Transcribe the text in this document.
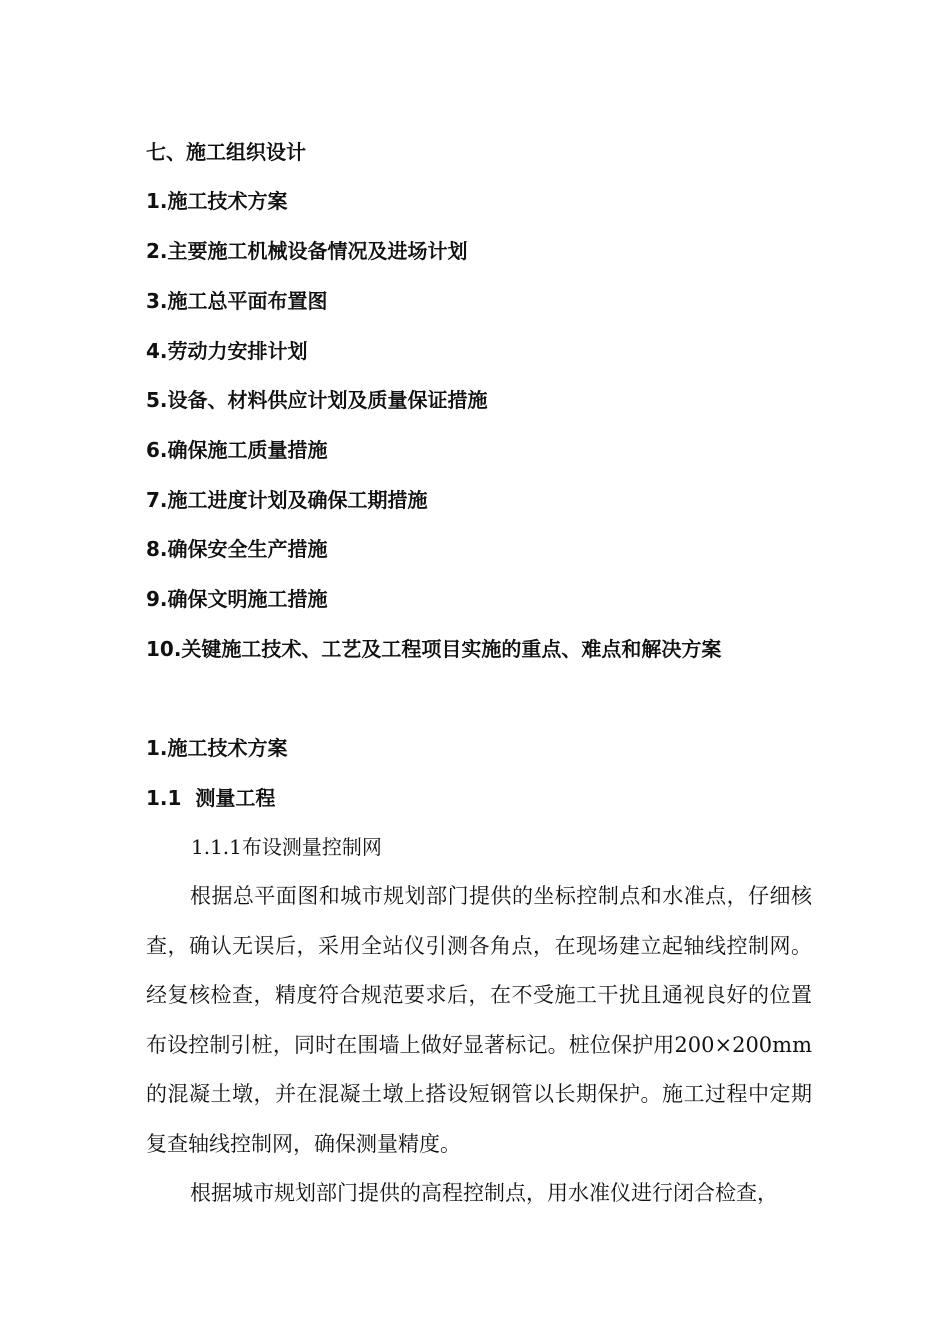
七、施工组织设计

1.施工技术方案

2.主要施工机械设备情况及进场计划

3.施工总平面布置图

4.劳动力安排计划

5.设备、材料供应计划及质量保证措施

6.确保施工质量措施

7.施工进度计划及确保工期措施

8.确保安全生产措施

9.确保文明施工措施

10.关键施工技术、工艺及工程项目实施的重点、难点和解决方案

1.施工技术方案

1.1  测量工程

1.1.1布设测量控制网

根据总平面图和城市规划部门提供的坐标控制点和水准点，仔细核查，确认无误后，采用全站仪引测各角点，在现场建立起轴线控制网。经复核检查，精度符合规范要求后，在不受施工干扰且通视良好的位置布设控制引桩，同时在围墙上做好显著标记。桩位保护用200×200mm的混凝土墩，并在混凝土墩上搭设短钢管以长期保护。施工过程中定期复查轴线控制网，确保测量精度。

根据城市规划部门提供的高程控制点，用水准仪进行闭合检查，
